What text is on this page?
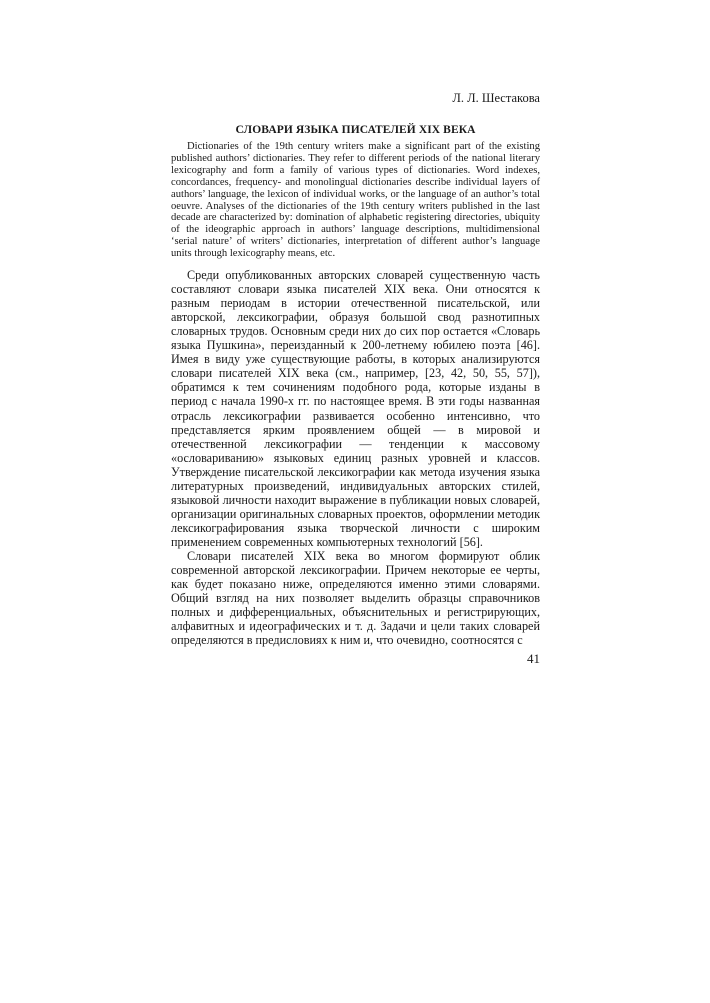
Л. Л. Шестакова
СЛОВАРИ ЯЗЫКА ПИСАТЕЛЕЙ XIX ВЕКА

Dictionaries of the 19th century writers make a significant part of the existing published authors’ dictionaries. They refer to different periods of the national literary lexicography and form a family of various types of dictionaries. Word indexes, concordances, frequency- and monolingual dictionaries describe individual layers of authors’ language, the lexicon of individual works, or the language of an author’s total oeuvre. Analyses of the dictionaries of the 19th century writers published in the last decade are characterized by: domination of alphabetic registering directories, ubiquity of the ideographic approach in authors’ language descriptions, multidimensional ‘serial nature’ of writers’ dictionaries, interpretation of different author’s language units through lexicography means, etc.

Среди опубликованных авторских словарей существенную часть составляют словари языка писателей XIX века. Они относятся к разным периодам в истории отечественной писательской, или авторской, лексикографии, образуя большой свод разнотипных словарных трудов. Основным среди них до сих пор остается «Словарь языка Пушкина», переизданный к 200-летнему юбилею поэта [46]. Имея в виду уже существующие работы, в которых анализируются словари писателей XIX века (см., например, [23, 42, 50, 55, 57]), обратимся к тем сочинениям подобного рода, которые изданы в период с начала 1990-х гг. по настоящее время. В эти годы названная отрасль лексикографии развивается особенно интенсивно, что представляется ярким проявлением общей — в мировой и отечественной лексикографии — тенденции к массовому «ословариванию» языковых единиц разных уровней и классов. Утверждение писательской лексикографии как метода изучения языка литературных произведений, индивидуальных авторских стилей, языковой личности находит выражение в публикации новых словарей, организации оригинальных словарных проектов, оформлении методик лексикографирования языка творческой личности с широким применением современных компьютерных технологий [56].

Словари писателей XIX века во многом формируют облик современной авторской лексикографии. Причем некоторые ее черты, как будет показано ниже, определяются именно этими словарями. Общий взгляд на них позволяет выделить образцы справочников полных и дифференциальных, объяснительных и регистрирующих, алфавитных и идеографических и т. д. Задачи и цели таких словарей определяются в предисловиях к ним и, что очевидно, соотносятся с

41
